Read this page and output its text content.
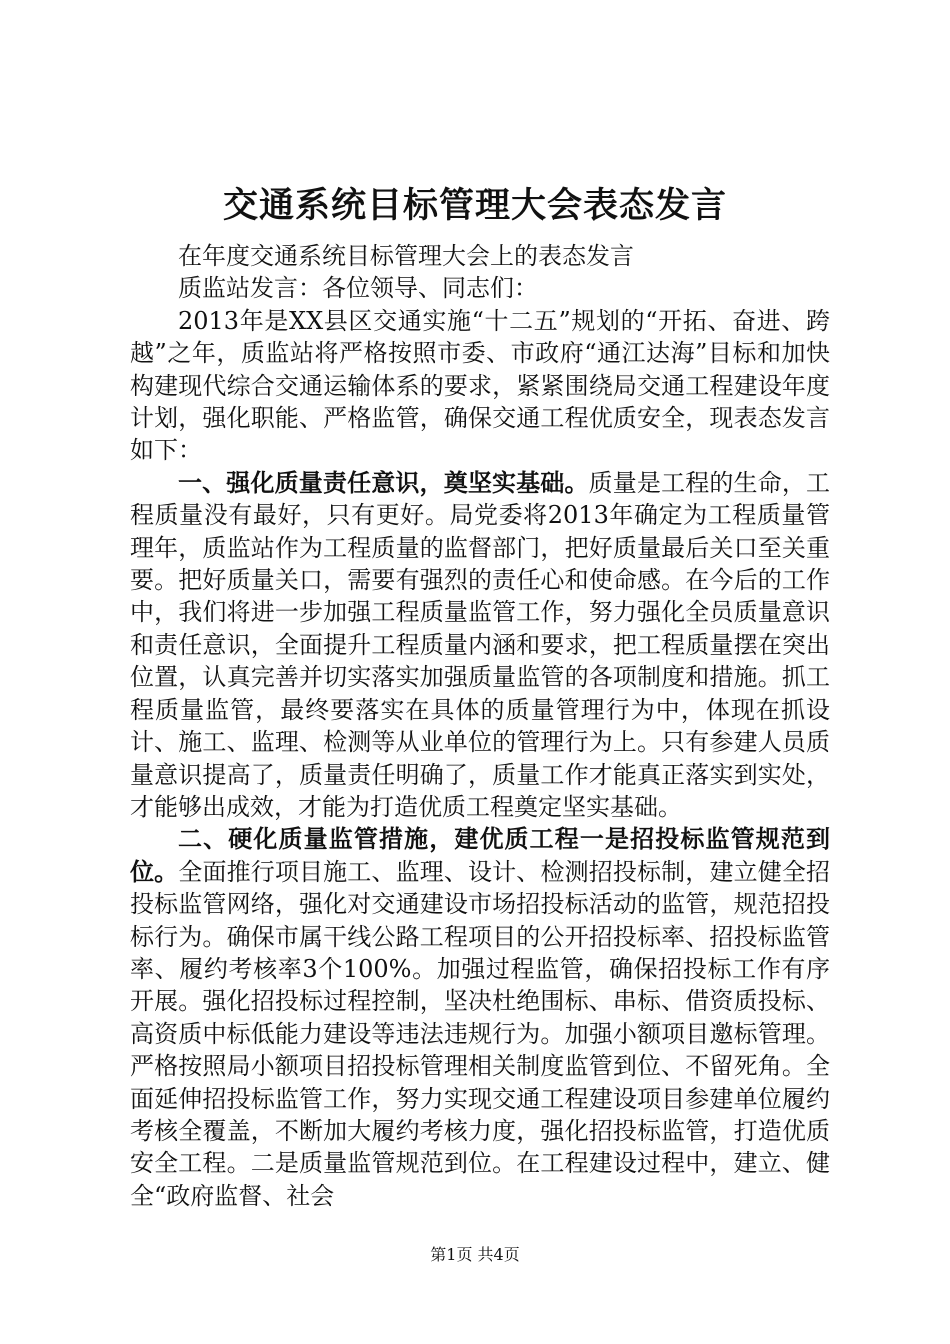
交通系统目标管理大会表态发言

在年度交通系统目标管理大会上的表态发言

质监站发言：各位领导、同志们：

2013年是XX县区交通实施“十二五”规划的“开拓、奋进、跨越”之年，质监站将严格按照市委、市政府“通江达海”目标和加快构建现代综合交通运输体系的要求，紧紧围绕局交通工程建设年度计划，强化职能、严格监管，确保交通工程优质安全，现表态发言如下：

一、强化质量责任意识，奠坚实基础。质量是工程的生命，工程质量没有最好，只有更好。局党委将2013年确定为工程质量管理年，质监站作为工程质量的监督部门，把好质量最后关口至关重要。把好质量关口，需要有强烈的责任心和使命感。在今后的工作中，我们将进一步加强工程质量监管工作，努力强化全员质量意识和责任意识，全面提升工程质量内涵和要求，把工程质量摆在突出位置，认真完善并切实落实加强质量监管的各项制度和措施。抓工程质量监管，最终要落实在具体的质量管理行为中，体现在抓设计、施工、监理、检测等从业单位的管理行为上。只有参建人员质量意识提高了，质量责任明确了，质量工作才能真正落实到实处，才能够出成效，才能为打造优质工程奠定坚实基础。

二、硬化质量监管措施，建优质工程一是招投标监管规范到位。全面推行项目施工、监理、设计、检测招投标制，建立健全招投标监管网络，强化对交通建设市场招投标活动的监管，规范招投标行为。确保市属干线公路工程项目的公开招投标率、招投标监管率、履约考核率3个100%。加强过程监管，确保招投标工作有序开展。强化招投标过程控制，坚决杜绝围标、串标、借资质投标、高资质中标低能力建设等违法违规行为。加强小额项目邀标管理。严格按照局小额项目招投标管理相关制度监管到位、不留死角。全面延伸招投标监管工作，努力实现交通工程建设项目参建单位履约考核全覆盖，不断加大履约考核力度，强化招投标监管，打造优质安全工程。二是质量监管规范到位。在工程建设过程中，建立、健全“政府监督、社会

第1页 共4页
